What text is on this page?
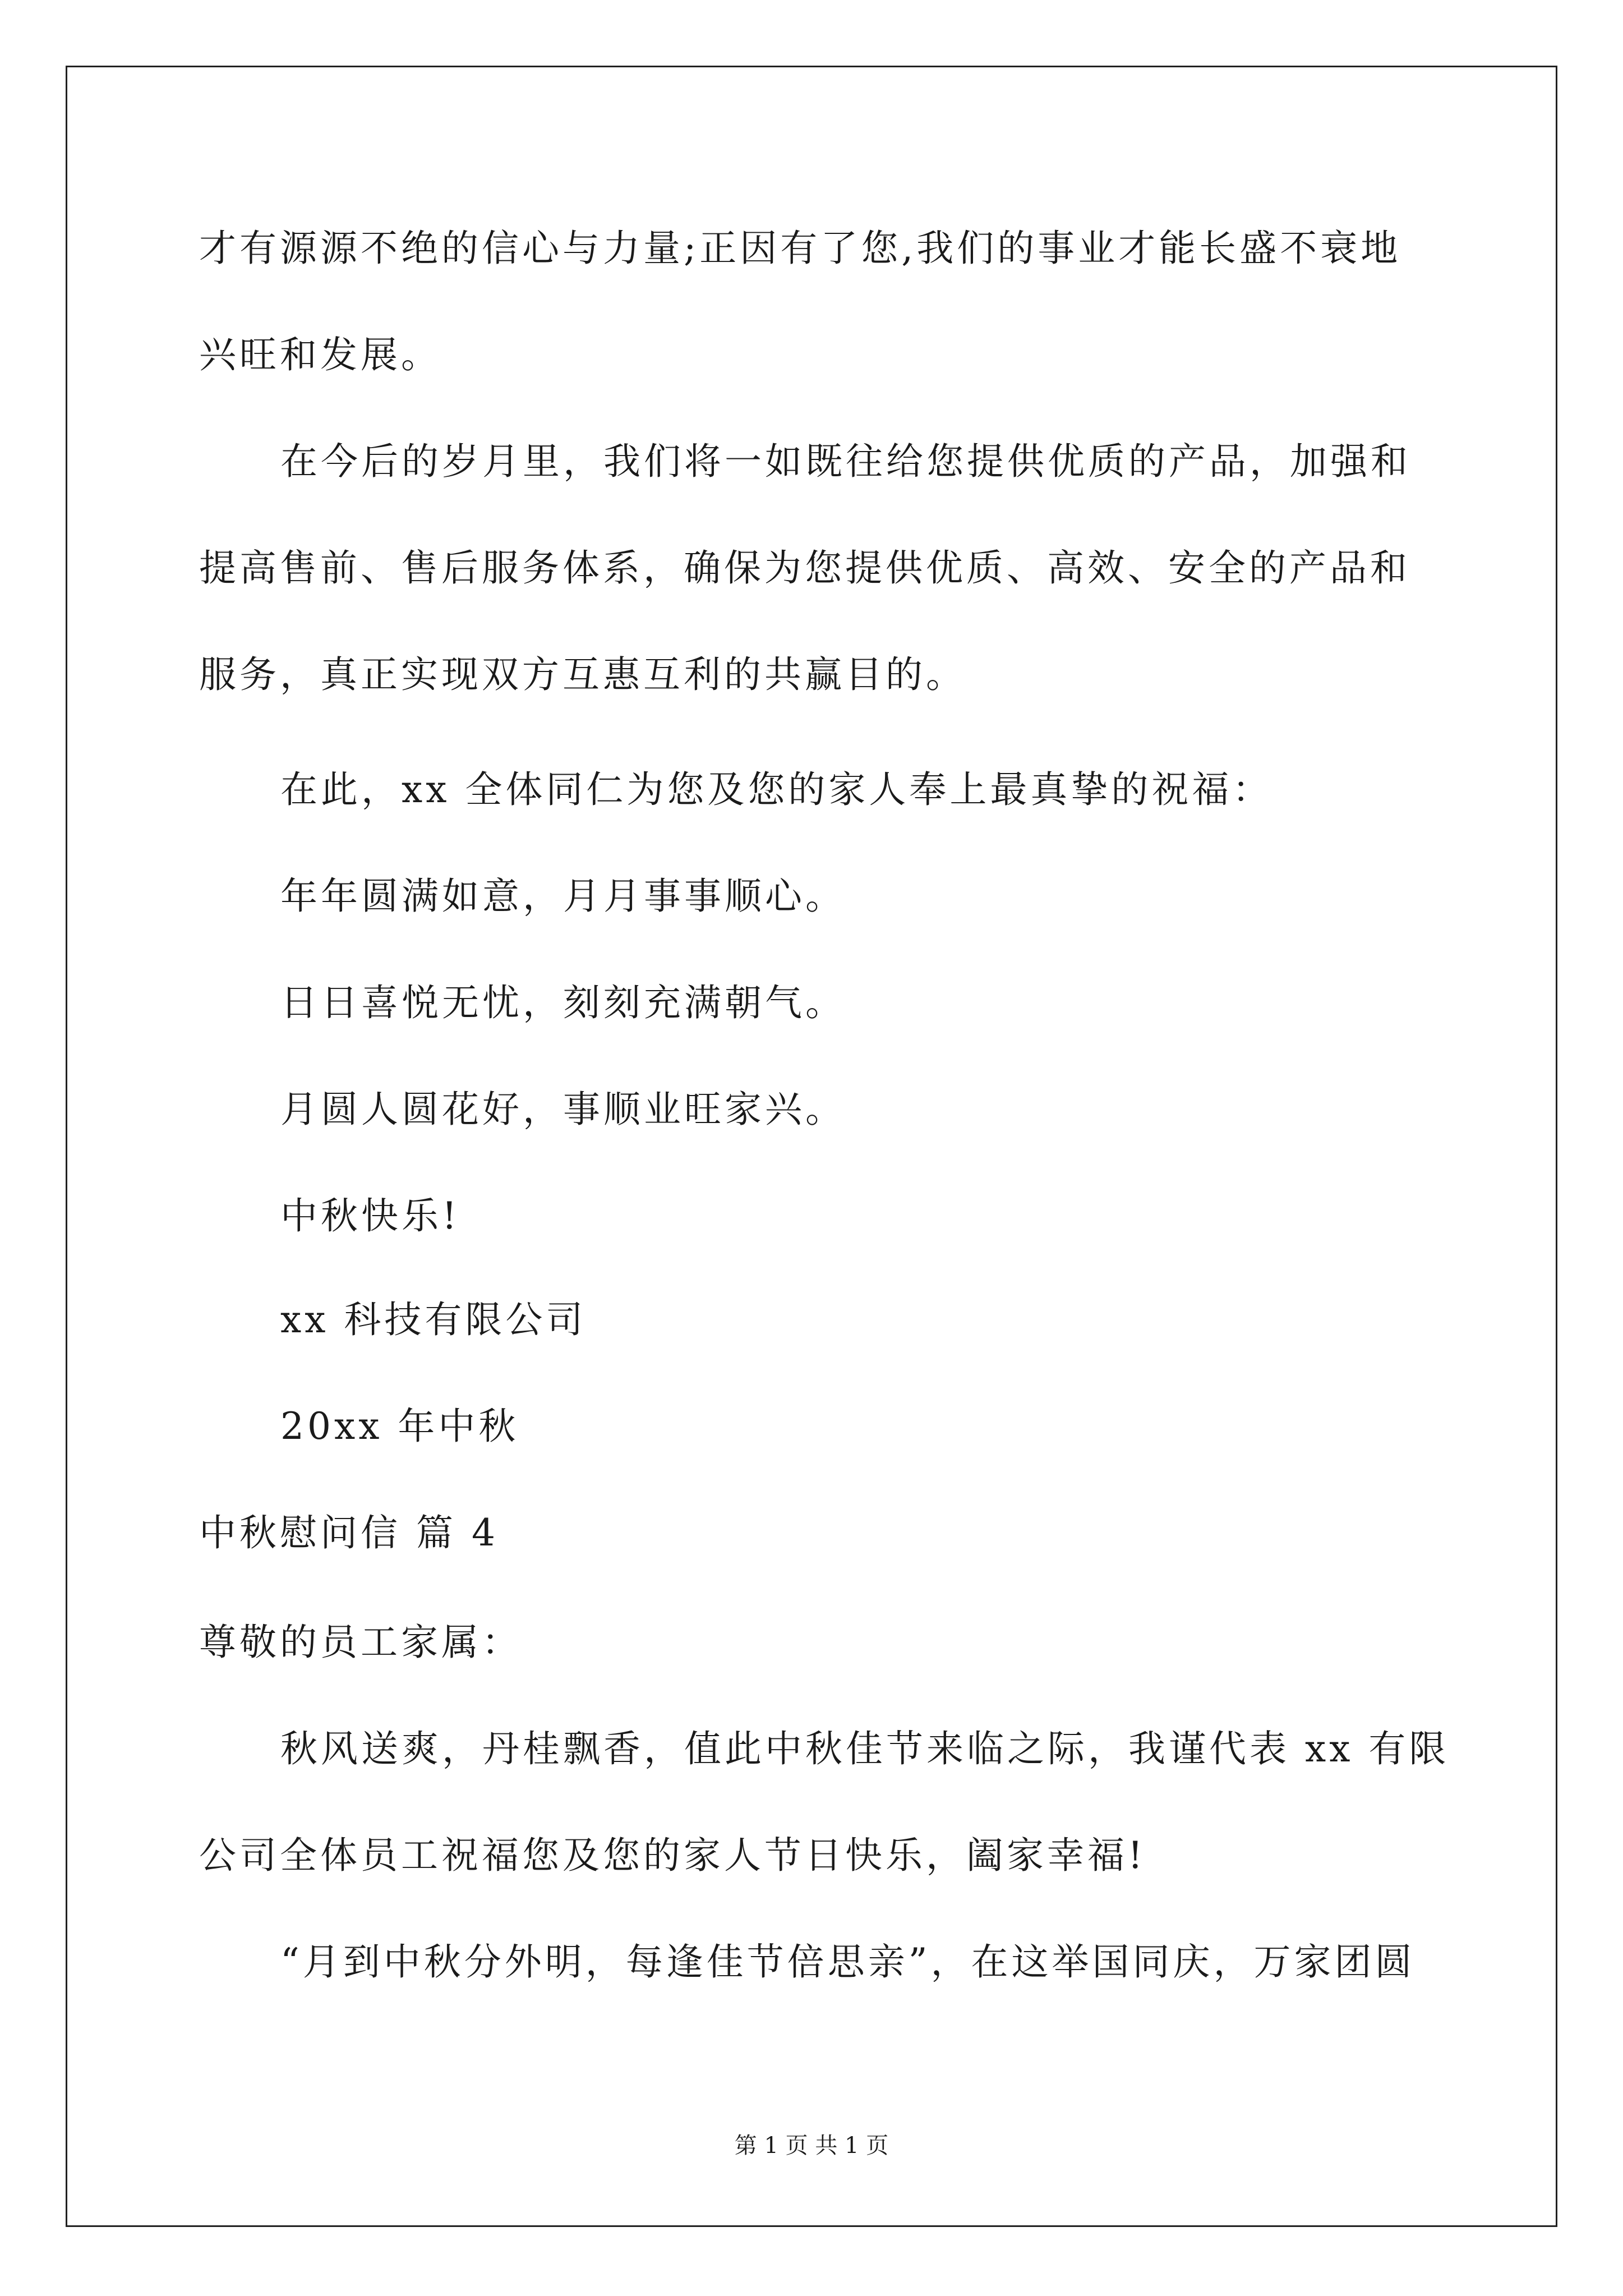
才有源源不绝的信心与力量;正因有了您,我们的事业才能长盛不衰地
兴旺和发展。
在今后的岁月里，我们将一如既往给您提供优质的产品，加强和
提高售前、售后服务体系，确保为您提供优质、高效、安全的产品和
服务，真正实现双方互惠互利的共赢目的。
在此，xx 全体同仁为您及您的家人奉上最真挚的祝福：
年年圆满如意，月月事事顺心。
日日喜悦无忧，刻刻充满朝气。
月圆人圆花好，事顺业旺家兴。
中秋快乐!
xx 科技有限公司
20xx 年中秋
中秋慰问信 篇 4
尊敬的员工家属：
秋风送爽，丹桂飘香，值此中秋佳节来临之际，我谨代表 xx 有限
公司全体员工祝福您及您的家人节日快乐，阖家幸福!
“月到中秋分外明，每逢佳节倍思亲”，在这举国同庆，万家团圆
第 1 页 共 1 页
